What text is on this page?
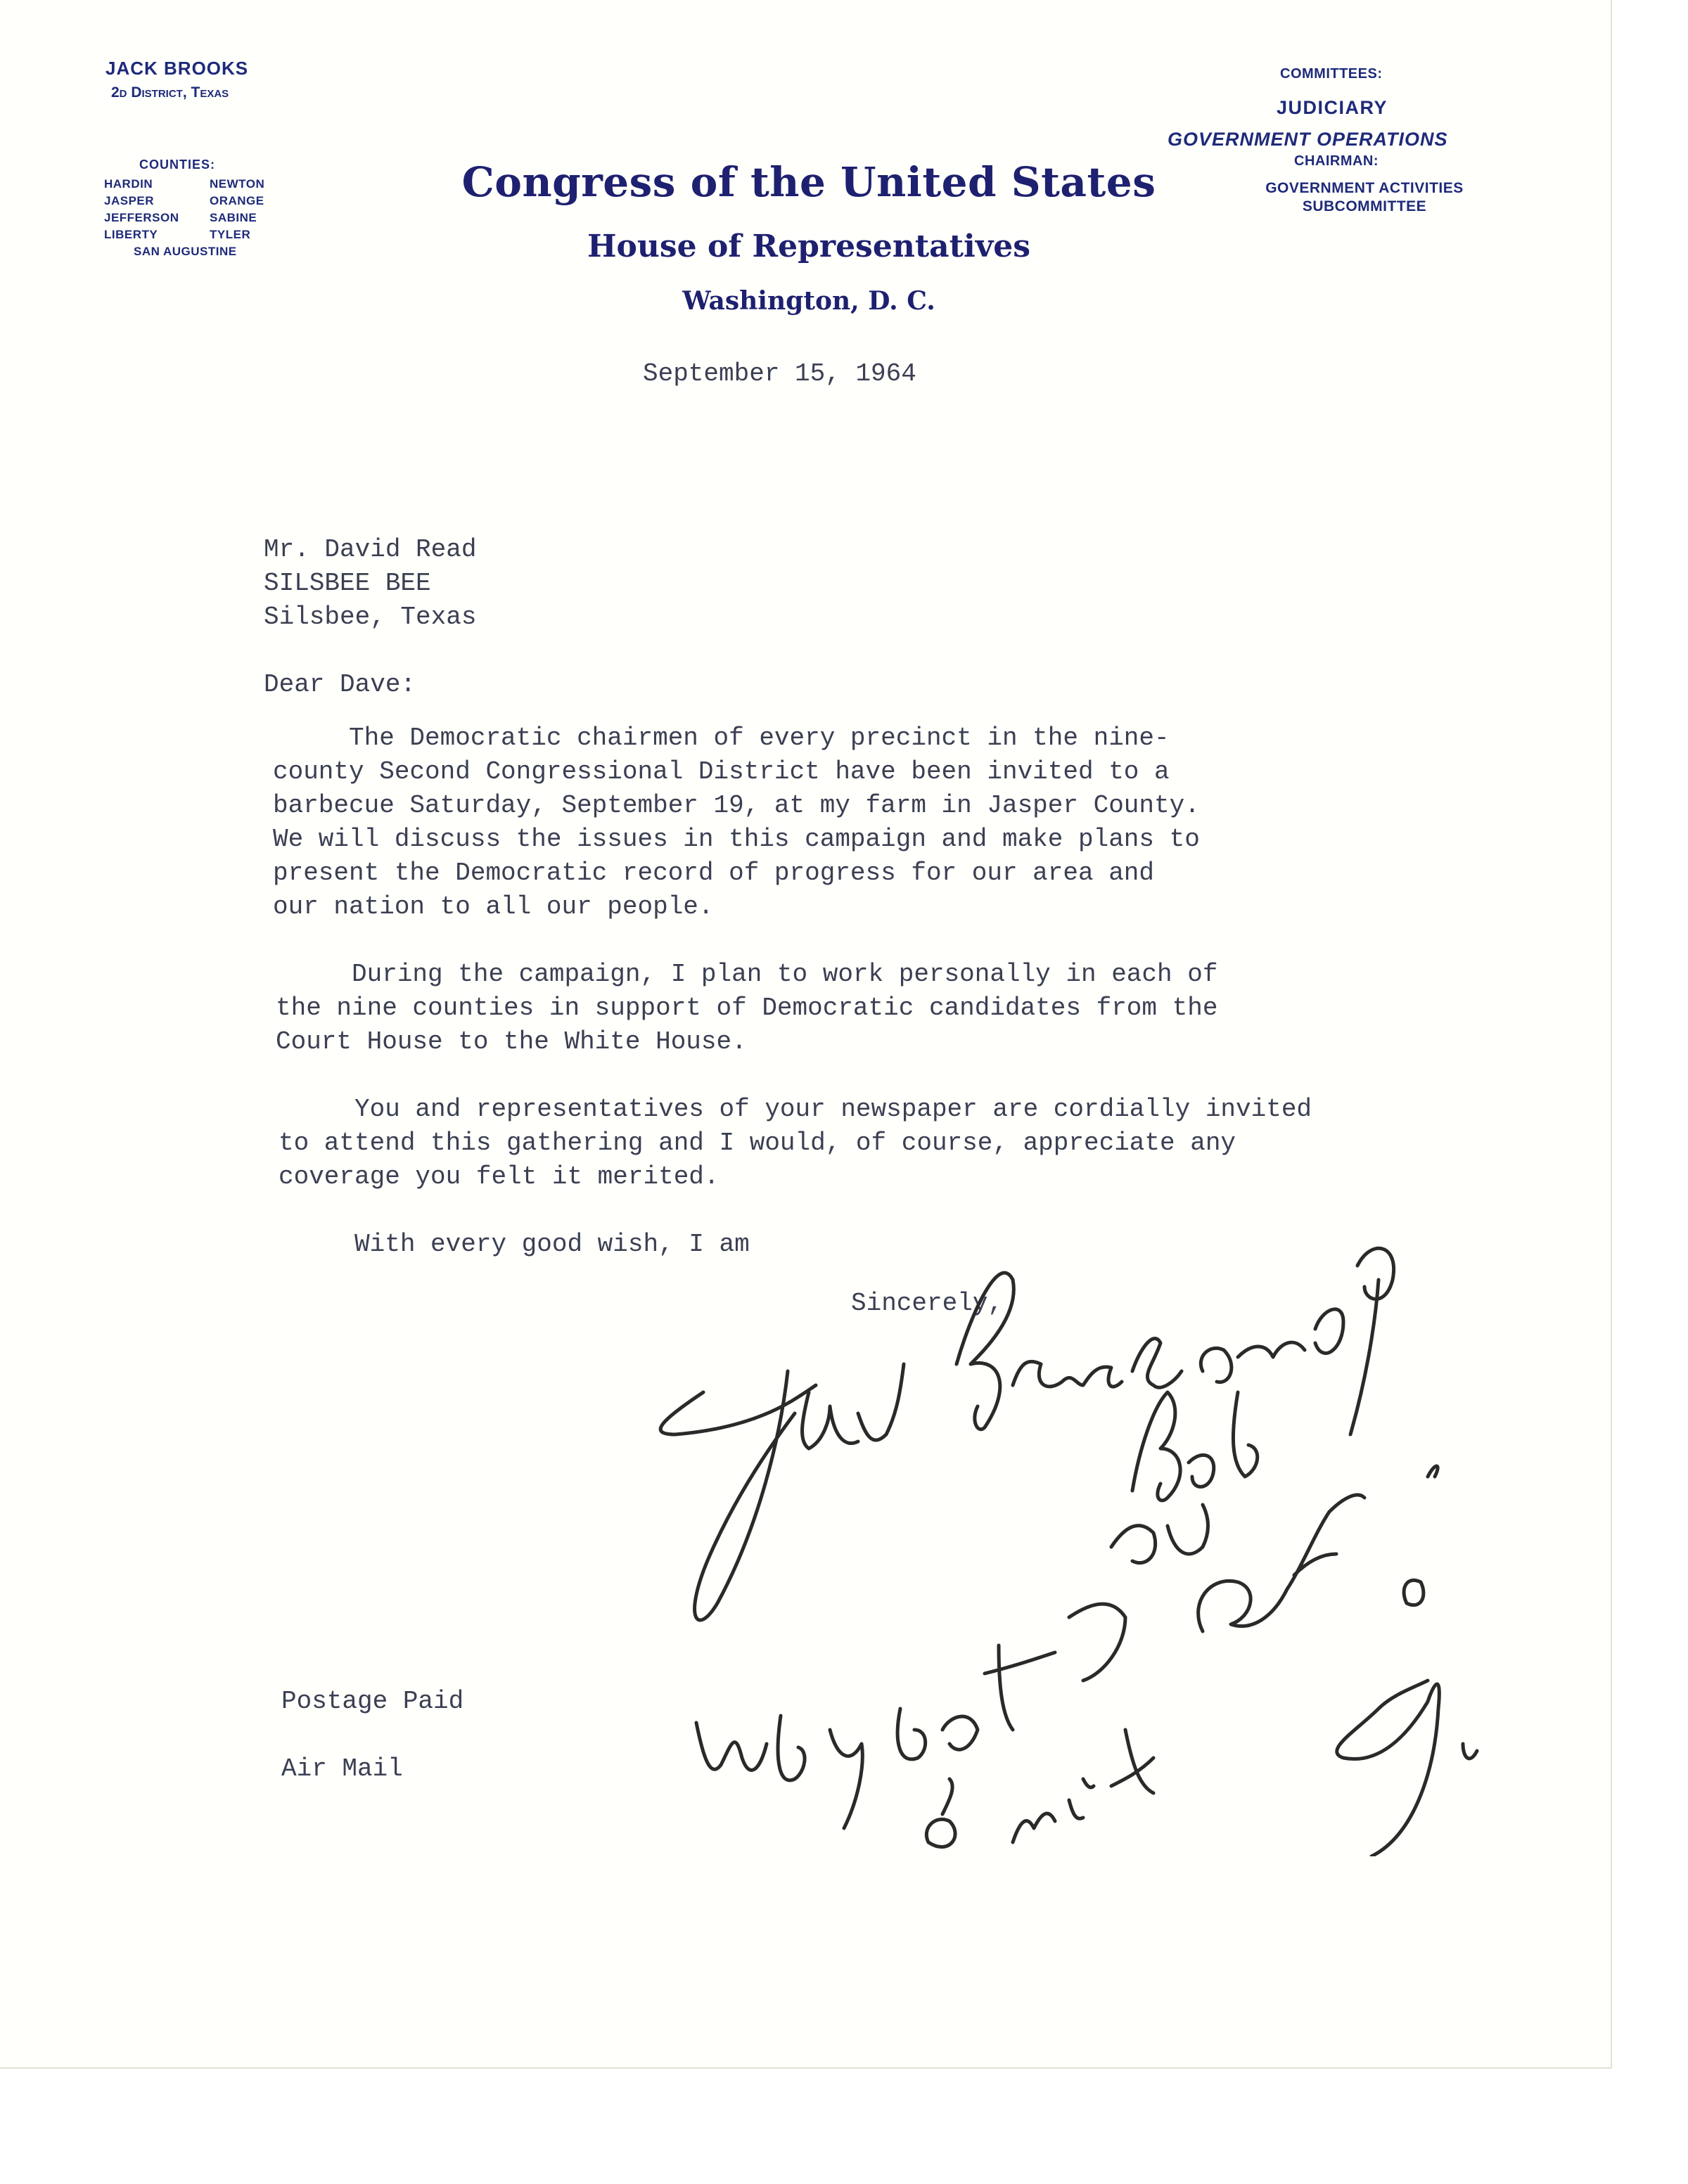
JACK BROOKS
2d District, Texas
COUNTIES:
HARDIN	NEWTON
JASPER	ORANGE
JEFFERSON	SABINE
LIBERTY	TYLER
SAN AUGUSTINE
Congress of the United States
House of Representatives
Washington, D. C.
COMMITTEES:
JUDICIARY
GOVERNMENT OPERATIONS
CHAIRMAN:
GOVERNMENT ACTIVITIES
SUBCOMMITTEE
September 15, 1964
Mr. David Read
SILSBEE BEE
Silsbee, Texas
Dear Dave:
The Democratic chairmen of every precinct in the nine-
county Second Congressional District have been invited to a
barbecue Saturday, September 19, at my farm in Jasper County.
We will discuss the issues in this campaign and make plans to
present the Democratic record of progress for our area and
our nation to all our people.
During the campaign, I plan to work personally in each of
the nine counties in support of Democratic candidates from the
Court House to the White House.
You and representatives of your newspaper are cordially invited
to attend this gathering and I would, of course, appreciate any
coverage you felt it merited.
With every good wish, I am
Sincerely,
Postage Paid
Air Mail
